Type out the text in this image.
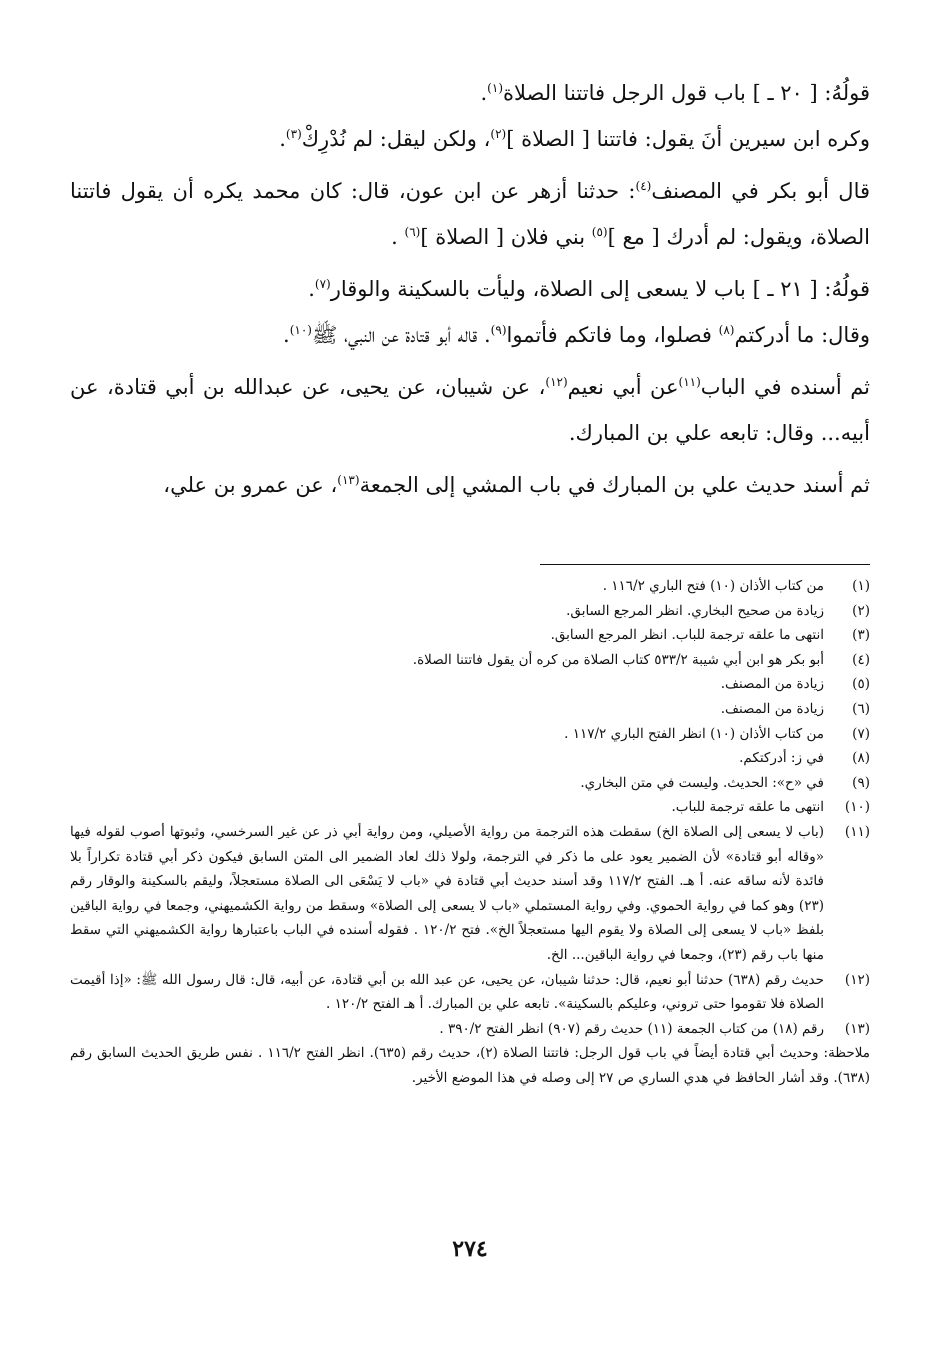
قولُهُ: [ ٢٠ ـ ] باب قول الرجل فاتتنا الصلاة$^{(١)}$.

وكره ابن سيرين أنَ يقول: فاتتنا [ الصلاة ]$^{(٢)}$، ولكن ليقل: لم نُدْرِكْ$^{(٣)}$.

قال أبو بكر في المصنف$^{(٤)}$: حدثنا أزهر عن ابن عون، قال: كان محمد يكره أن يقول فاتتنا الصلاة، ويقول: لم أدرك [ مع ]$^{(٥)}$ بني فلان [ الصلاة ]$^{(٦)}$ .

قولُهُ: [ ٢١ ـ ] باب لا يسعى إلى الصلاة، وليأت بالسكينة والوقار$^{(٧)}$.

وقال: ما أدركتم$^{(٨)}$ فصلوا، وما فاتكم فأتموا$^{(٩)}$. قاله أبو قتادة عن النبي، ﷺ$^{(١٠)}$.

ثم أسنده في الباب$^{(١١)}$عن أبي نعيم$^{(١٢)}$، عن شيبان، عن يحيى، عن عبدالله بن أبي قتادة، عن أبيه... وقال: تابعه علي بن المبارك.

ثم أسند حديث علي بن المبارك في باب المشي إلى الجمعة$^{(١٣)}$، عن عمرو بن علي،

(١)
من كتاب الأذان (١٠) فتح الباري ١١٦/٢ .
(٢)
زيادة من صحيح البخاري. انظر المرجع السابق.
(٣)
انتهى ما علقه ترجمة للباب. انظر المرجع السابق.
(٤)
أبو بكر هو ابن أبي شيبة ٥٣٣/٢ كتاب الصلاة من كره أن يقول فاتتنا الصلاة.
(٥)
زيادة من المصنف.
(٦)
زيادة من المصنف.
(٧)
من كتاب الأذان (١٠) انظر الفتح الباري ١١٧/٢ .
(٨)
في ز: أدركتكم.
(٩)
في «ح»: الحديث. وليست في متن البخاري.
(١٠)
انتهى ما علقه ترجمة للباب.
(١١)
(باب لا يسعى إلى الصلاة الخ) سقطت هذه الترجمة من رواية الأصيلي، ومن رواية أبي ذر عن غير السرخسي، وثبوتها أصوب لقوله فيها «وقاله أبو قتادة» لأن الضمير يعود على ما ذكر في الترجمة، ولولا ذلك لعاد الضمير الى المتن السابق فيكون ذكر أبي قتادة تكراراً بلا فائدة لأنه ساقه عنه. أ هـ. الفتح ١١٧/٢ وقد أسند حديث أبي قتادة في «باب لا يَسْعَى الى الصلاة مستعجلاً، وليقم بالسكينة والوقار رقم (٢٣) وهو كما في رواية الحموي. وفي رواية المستملي «باب لا يسعى إلى الصلاة» وسقط من رواية الكشميهني، وجمعا في رواية الباقين بلفظ «باب لا يسعى إلى الصلاة ولا يقوم اليها مستعجلاً الخ». فتح ١٢٠/٢ . فقوله أسنده في الباب باعتبارها رواية الكشميهني التي سقط منها باب رقم (٢٣)، وجمعا في رواية الباقين... الخ.
(١٢)
حديث رقم (٦٣٨) حدثنا أبو نعيم، قال: حدثنا شيبان، عن يحيى، عن عبد الله بن أبي قتادة، عن أبيه، قال: قال رسول الله ﷺ: «إذا أقيمت الصلاة فلا تقوموا حتى تروني، وعليكم بالسكينة». تابعه علي بن المبارك. أ هـ الفتح ١٢٠/٢ .
(١٣)
رقم (١٨) من كتاب الجمعة (١١) حديث رقم (٩٠٧) انظر الفتح ٣٩٠/٢ .
ملاحظة: وحديث أبي قتادة أيضاً في باب قول الرجل: فاتتنا الصلاة (٢)، حديث رقم (٦٣٥). انظر الفتح ١١٦/٢ . نفس طريق الحديث السابق رقم (٦٣٨). وقد أشار الحافظ في هدي الساري ص ٢٧ إلى وصله في هذا الموضع الأخير.
٢٧٤
